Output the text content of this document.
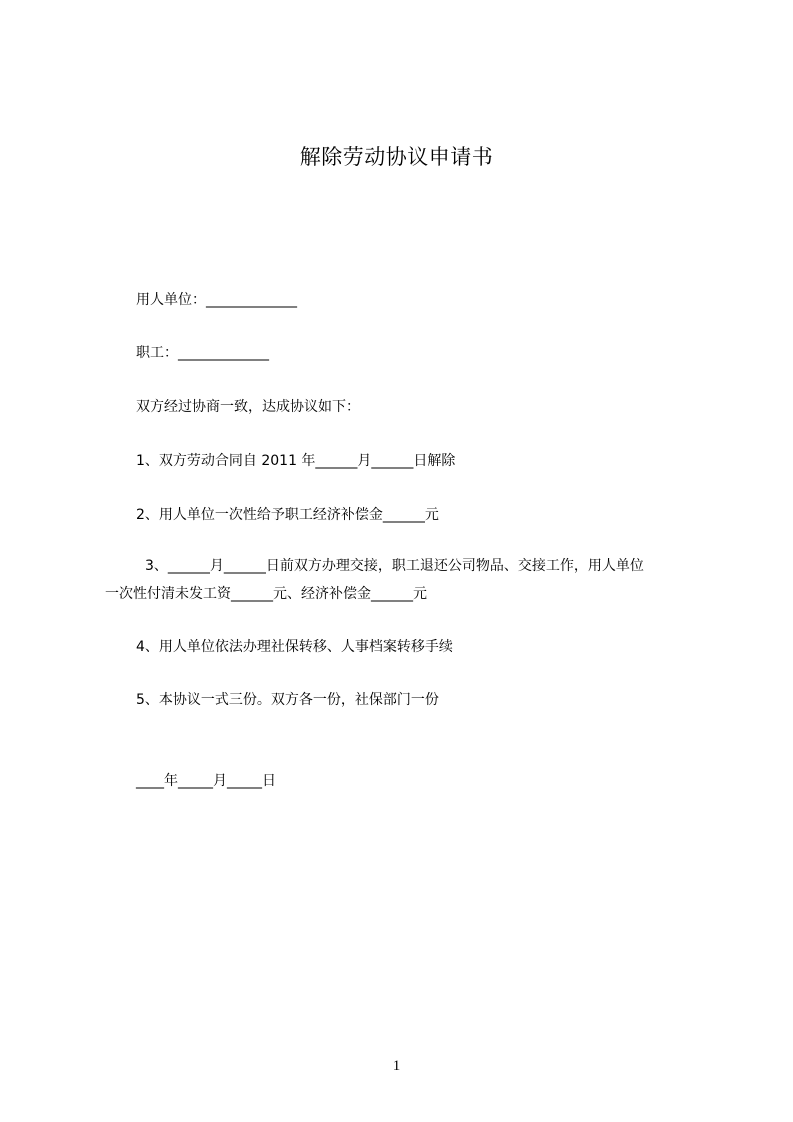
解除劳动协议申请书
用人单位：_____________
职工：_____________
双方经过协商一致，达成协议如下：
1、双方劳动合同自 2011 年______月______日解除
2、用人单位一次性给予职工经济补偿金______元
3、______月______日前双方办理交接，职工退还公司物品、交接工作，用人单位
一次性付清未发工资______元、经济补偿金______元
4、用人单位依法办理社保转移、人事档案转移手续
5、本协议一式三份。双方各一份，社保部门一份
____年_____月_____日
1
